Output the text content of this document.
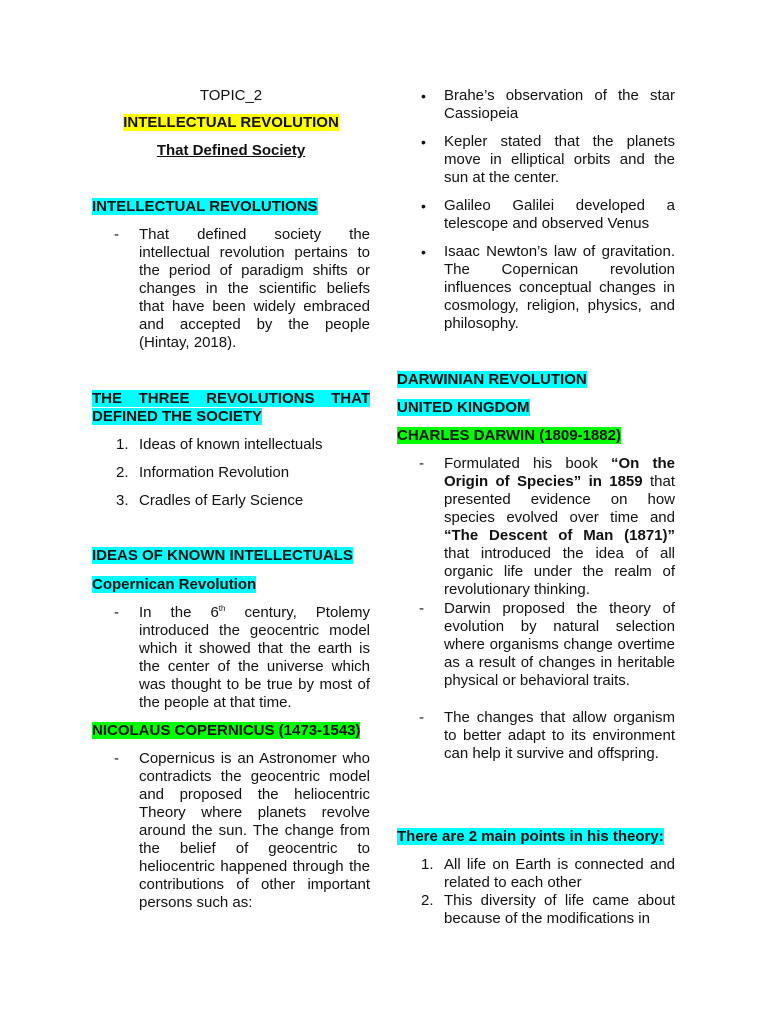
TOPIC_2

INTELLECTUAL REVOLUTION

That Defined Society

INTELLECTUAL REVOLUTIONS

- That defined society the intellectual revolution pertains to the period of paradigm shifts or changes in the scientific beliefs that have been widely embraced and accepted by the people (Hintay, 2018).
THE THREE REVOLUTIONS THAT DEFINED THE SOCIETY
1. Ideas of known intellectuals
2. Information Revolution
3. Cradles of Early Science

IDEAS OF KNOWN INTELLECTUALS

Copernican Revolution

- In the 6th century, Ptolemy introduced the geocentric model which it showed that the earth is the center of the universe which was thought to be true by most of the people at that time.

NICOLAUS COPERNICUS (1473-1543)

- Copernicus is an Astronomer who contradicts the geocentric model and proposed the heliocentric Theory where planets revolve around the sun. The change from the belief of geocentric to heliocentric happened through the contributions of other important persons such as:
• Brahe’s observation of the star Cassiopeia
• Kepler stated that the planets move in elliptical orbits and the sun at the center.
• Galileo Galilei developed a telescope and observed Venus
• Isaac Newton’s law of gravitation. The Copernican revolution influences conceptual changes in cosmology, religion, physics, and philosophy.

DARWINIAN REVOLUTION

UNITED KINGDOM

CHARLES DARWIN (1809-1882)

- Formulated his book “On the Origin of Species” in 1859 that presented evidence on how species evolved over time and “The Descent of Man (1871)” that introduced the idea of all organic life under the realm of revolutionary thinking.
- Darwin proposed the theory of evolution by natural selection where organisms change overtime as a result of changes in heritable physical or behavioral traits.
- The changes that allow organism to better adapt to its environment can help it survive and offspring.

There are 2 main points in his theory:

1. All life on Earth is connected and related to each other
2. This diversity of life came about because of the modifications in
